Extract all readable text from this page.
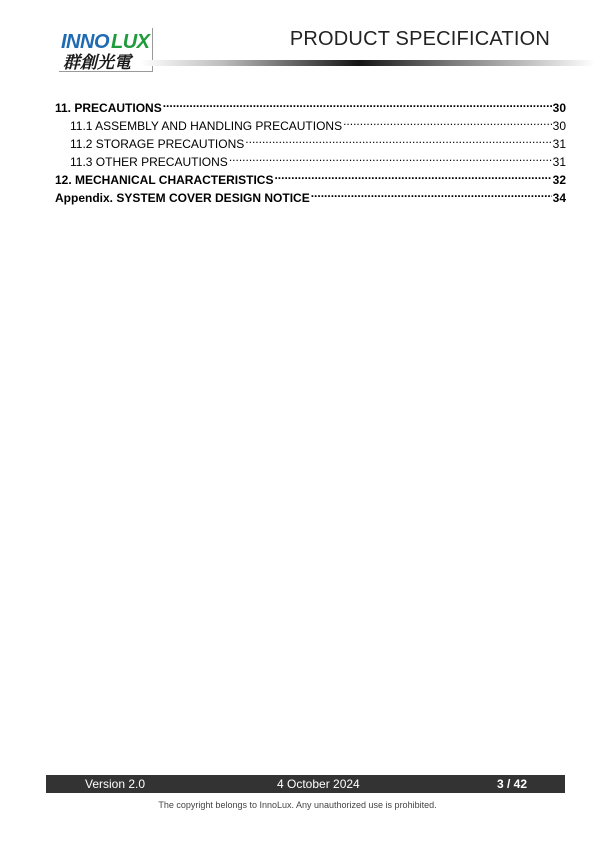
INNO LUX
群創光電
PRODUCT SPECIFICATION
11. PRECAUTIONS .....	30
11.1 ASSEMBLY AND HANDLING PRECAUTIONS .....	30
11.2 STORAGE PRECAUTIONS .....	31
11.3 OTHER PRECAUTIONS .....	31
12. MECHANICAL CHARACTERISTICS .....	32
Appendix. SYSTEM COVER DESIGN NOTICE .....	34
Version 2.0	4 October 2024	3 / 42
The copyright belongs to InnoLux. Any unauthorized use is prohibited.
